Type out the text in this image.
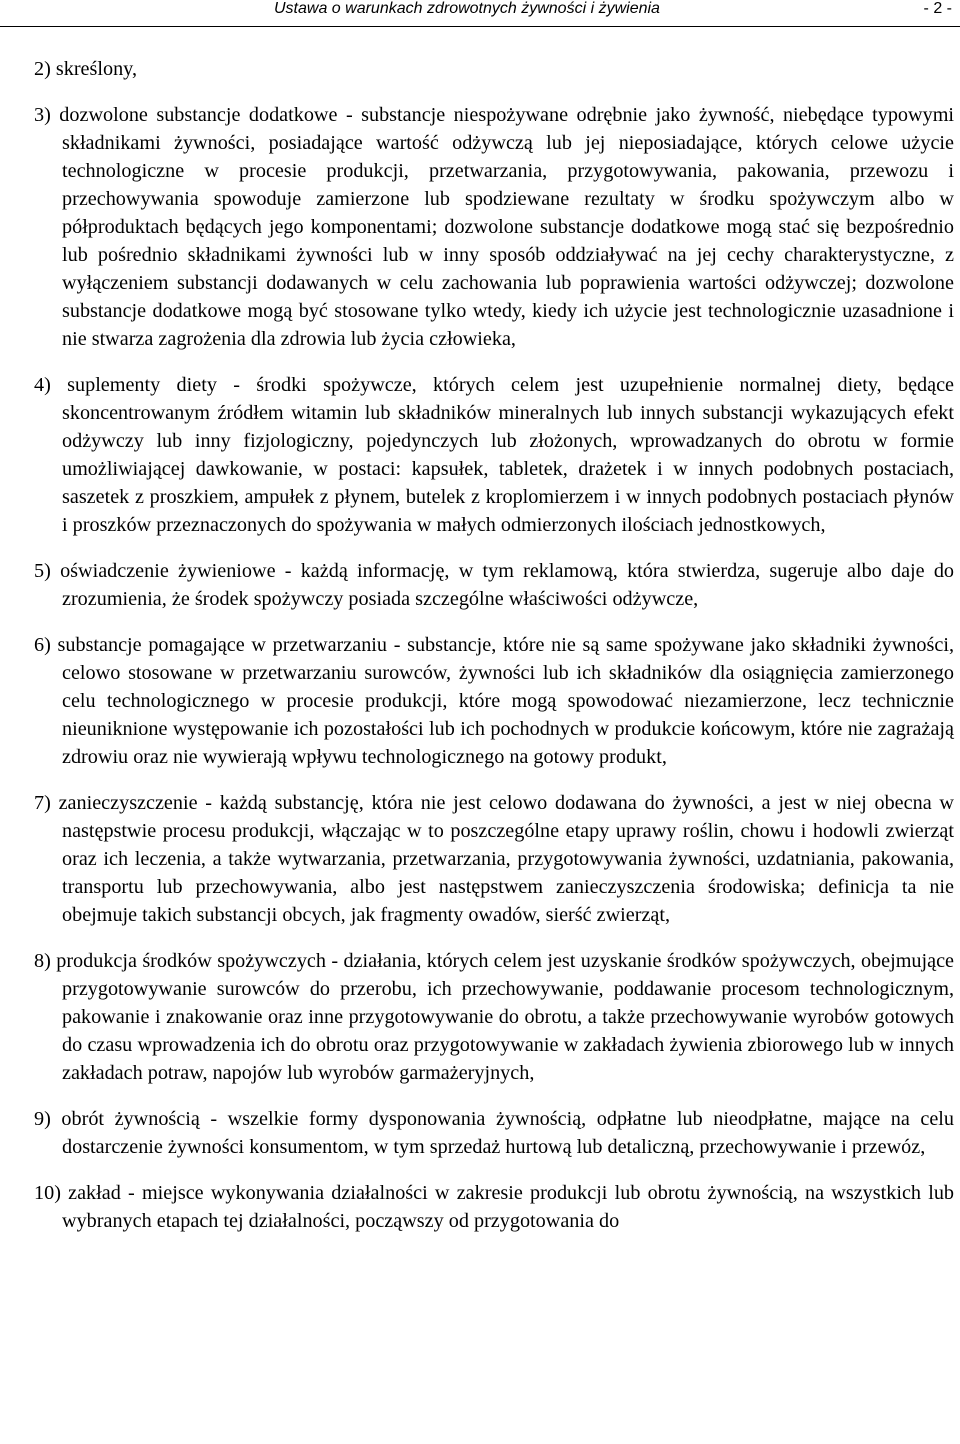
Ustawa o warunkach zdrowotnych żywności i żywienia	- 2 -

2) skreślony,

3) dozwolone substancje dodatkowe - substancje niespożywane odrębnie jako żywność, niebędące typowymi składnikami żywności, posiadające wartość odżywczą lub jej nieposiadające, których celowe użycie technologiczne w procesie produkcji, przetwarzania, przygotowywania, pakowania, przewozu i przechowywania spowoduje zamierzone lub spodziewane rezultaty w środku spożywczym albo w półproduktach będących jego komponentami; dozwolone substancje dodatkowe mogą stać się bezpośrednio lub pośrednio składnikami żywności lub w inny sposób oddziaływać na jej cechy charakterystyczne, z wyłączeniem substancji dodawanych w celu zachowania lub poprawienia wartości odżywczej; dozwolone substancje dodatkowe mogą być stosowane tylko wtedy, kiedy ich użycie jest technologicznie uzasadnione i nie stwarza zagrożenia dla zdrowia lub życia człowieka,

4) suplementy diety - środki spożywcze, których celem jest uzupełnienie normalnej diety, będące skoncentrowanym źródłem witamin lub składników mineralnych lub innych substancji wykazujących efekt odżywczy lub inny fizjologiczny, pojedynczych lub złożonych, wprowadzanych do obrotu w formie umożliwiającej dawkowanie, w postaci: kapsułek, tabletek, drażetek i w innych podobnych postaciach, saszetek z proszkiem, ampułek z płynem, butelek z kroplomierzem i w innych podobnych postaciach płynów i proszków przeznaczonych do spożywania w małych odmierzonych ilościach jednostkowych,

5) oświadczenie żywieniowe - każdą informację, w tym reklamową, która stwierdza, sugeruje albo daje do zrozumienia, że środek spożywczy posiada szczególne właściwości odżywcze,

6) substancje pomagające w przetwarzaniu - substancje, które nie są same spożywane jako składniki żywności, celowo stosowane w przetwarzaniu surowców, żywności lub ich składników dla osiągnięcia zamierzonego celu technologicznego w procesie produkcji, które mogą spowodować niezamierzone, lecz technicznie nieuniknione występowanie ich pozostałości lub ich pochodnych w produkcie końcowym, które nie zagrażają zdrowiu oraz nie wywierają wpływu technologicznego na gotowy produkt,

7) zanieczyszczenie - każdą substancję, która nie jest celowo dodawana do żywności, a jest w niej obecna w następstwie procesu produkcji, włączając w to poszczególne etapy uprawy roślin, chowu i hodowli zwierząt oraz ich leczenia, a także wytwarzania, przetwarzania, przygotowywania żywności, uzdatniania, pakowania, transportu lub przechowywania, albo jest następstwem zanieczyszczenia środowiska; definicja ta nie obejmuje takich substancji obcych, jak fragmenty owadów, sierść zwierząt,

8) produkcja środków spożywczych - działania, których celem jest uzyskanie środków spożywczych, obejmujące przygotowywanie surowców do przerobu, ich przechowywanie, poddawanie procesom technologicznym, pakowanie i znakowanie oraz inne przygotowywanie do obrotu, a także przechowywanie wyrobów gotowych do czasu wprowadzenia ich do obrotu oraz przygotowywanie w zakładach żywienia zbiorowego lub w innych zakładach potraw, napojów lub wyrobów garmażeryjnych,

9) obrót żywnością - wszelkie formy dysponowania żywnością, odpłatne lub nieodpłatne, mające na celu dostarczenie żywności konsumentom, w tym sprzedaż hurtową lub detaliczną, przechowywanie i przewóz,

10) zakład - miejsce wykonywania działalności w zakresie produkcji lub obrotu żywnością, na wszystkich lub wybranych etapach tej działalności, począwszy od przygotowania do
